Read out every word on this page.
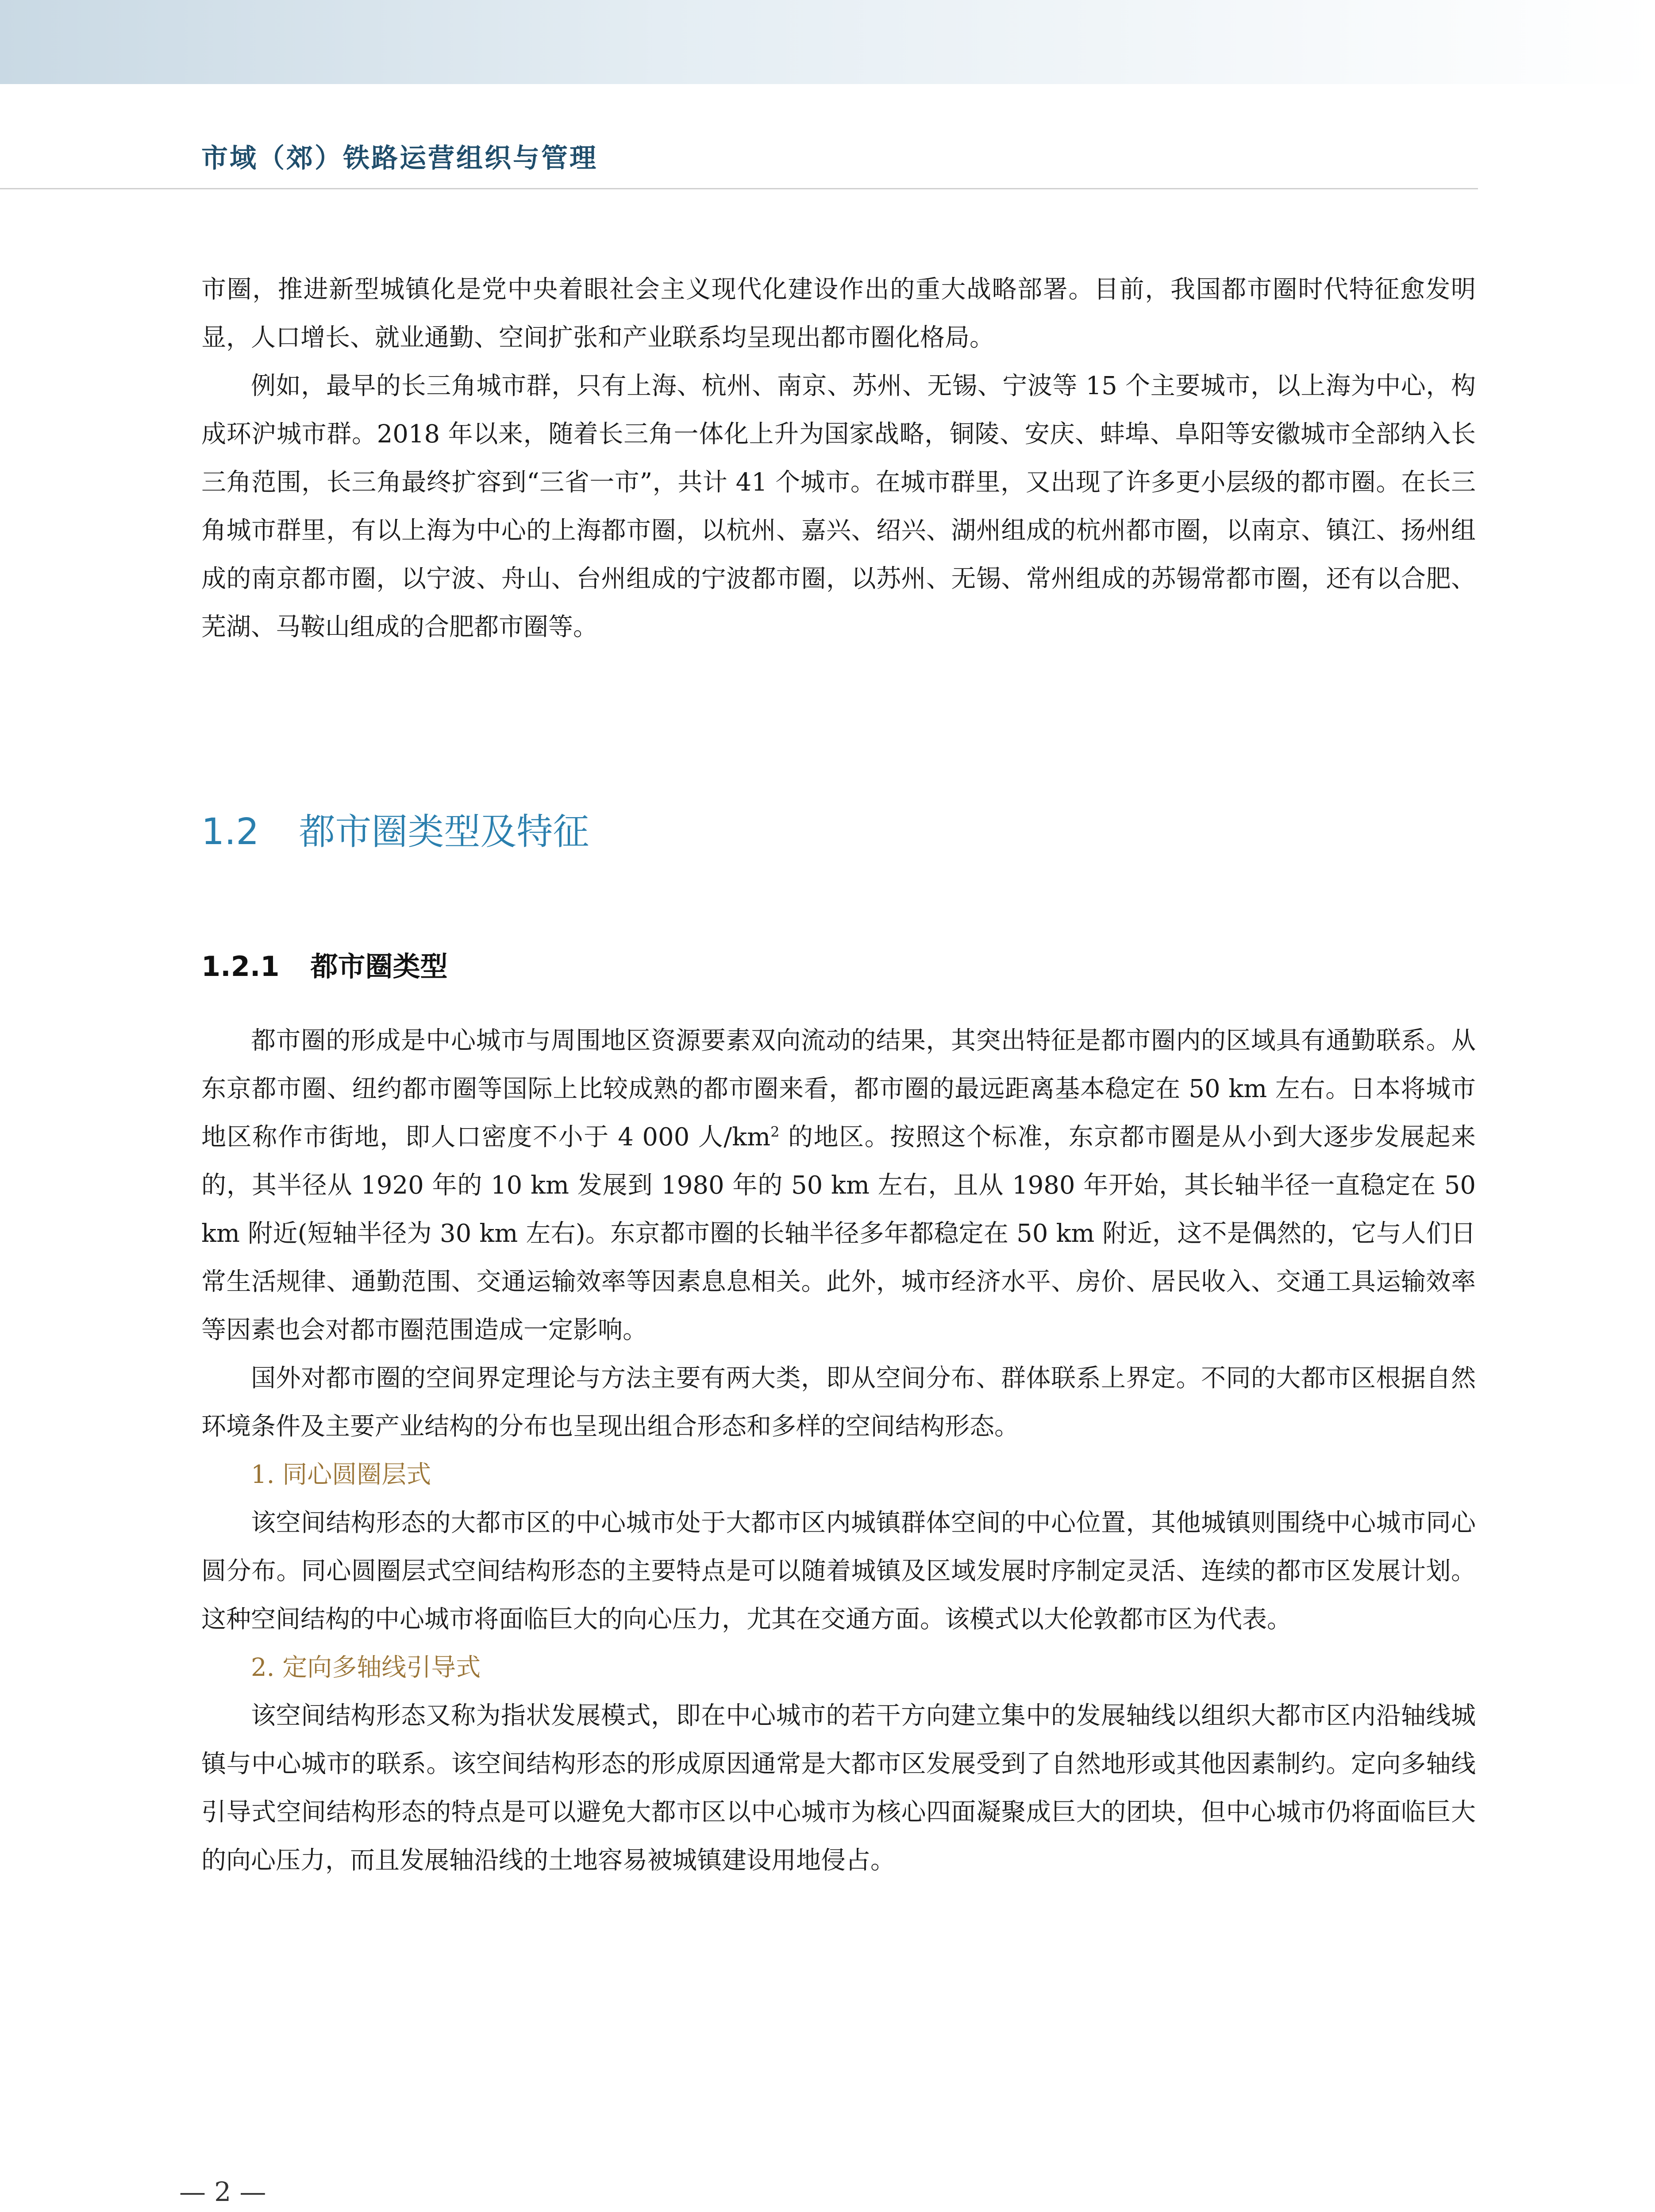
市域（郊）铁路运营组织与管理

市圈，推进新型城镇化是党中央着眼社会主义现代化建设作出的重大战略部署。目前，我国都市圈时代特征愈发明显，人口增长、就业通勤、空间扩张和产业联系均呈现出都市圈化格局。

例如，最早的长三角城市群，只有上海、杭州、南京、苏州、无锡、宁波等 15 个主要城市，以上海为中心，构成环沪城市群。2018 年以来，随着长三角一体化上升为国家战略，铜陵、安庆、蚌埠、阜阳等安徽城市全部纳入长三角范围，长三角最终扩容到“三省一市”，共计 41 个城市。在城市群里，又出现了许多更小层级的都市圈。在长三角城市群里，有以上海为中心的上海都市圈，以杭州、嘉兴、绍兴、湖州组成的杭州都市圈，以南京、镇江、扬州组成的南京都市圈，以宁波、舟山、台州组成的宁波都市圈，以苏州、无锡、常州组成的苏锡常都市圈，还有以合肥、芜湖、马鞍山组成的合肥都市圈等。

1.2 都市圈类型及特征
1.2.1 都市圈类型

都市圈的形成是中心城市与周围地区资源要素双向流动的结果，其突出特征是都市圈内的区域具有通勤联系。从东京都市圈、纽约都市圈等国际上比较成熟的都市圈来看，都市圈的最远距离基本稳定在 50 km 左右。日本将城市地区称作市街地，即人口密度不小于 4 000 人$/km^2$ 的地区。按照这个标准，东京都市圈是从小到大逐步发展起来的，其半径从 1920 年的 10 km 发展到 1980 年的 50 km 左右，且从 1980 年开始，其长轴半径一直稳定在 50 km 附近(短轴半径为 30 km 左右)。东京都市圈的长轴半径多年都稳定在 50 km 附近，这不是偶然的，它与人们日常生活规律、通勤范围、交通运输效率等因素息息相关。此外，城市经济水平、房价、居民收入、交通工具运输效率等因素也会对都市圈范围造成一定影响。

国外对都市圈的空间界定理论与方法主要有两大类，即从空间分布、群体联系上界定。不同的大都市区根据自然环境条件及主要产业结构的分布也呈现出组合形态和多样的空间结构形态。

1. 同心圆圈层式

该空间结构形态的大都市区的中心城市处于大都市区内城镇群体空间的中心位置，其他城镇则围绕中心城市同心圆分布。同心圆圈层式空间结构形态的主要特点是可以随着城镇及区域发展时序制定灵活、连续的都市区发展计划。这种空间结构的中心城市将面临巨大的向心压力，尤其在交通方面。该模式以大伦敦都市区为代表。

2. 定向多轴线引导式

该空间结构形态又称为指状发展模式，即在中心城市的若干方向建立集中的发展轴线以组织大都市区内沿轴线城镇与中心城市的联系。该空间结构形态的形成原因通常是大都市区发展受到了自然地形或其他因素制约。定向多轴线引导式空间结构形态的特点是可以避免大都市区以中心城市为核心四面凝聚成巨大的团块，但中心城市仍将面临巨大的向心压力，而且发展轴沿线的土地容易被城镇建设用地侵占。

— 2 —
